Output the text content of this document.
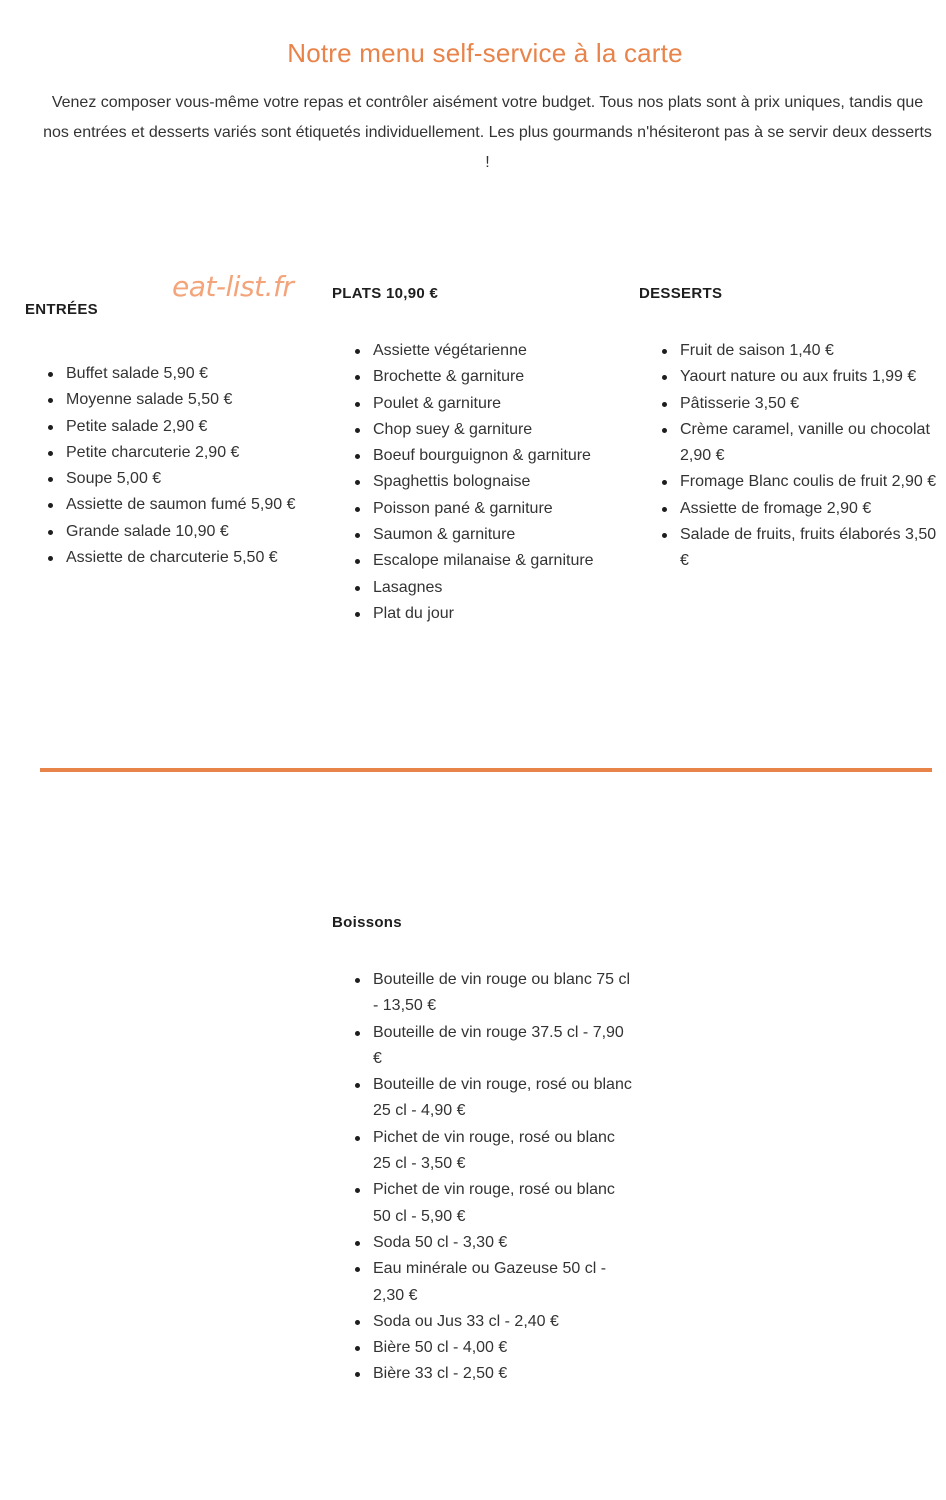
Notre menu self-service à la carte

Venez composer vous-même votre repas et contrôler aisément votre budget. Tous nos plats sont à prix uniques, tandis que nos entrées et desserts variés sont étiquetés individuellement. Les plus gourmands n'hésiteront pas à se servir deux desserts !

eat-list.fr
ENTRÉES
Buffet salade 5,90 €
Moyenne salade 5,50 €
Petite salade 2,90 €
Petite charcuterie 2,90 €
Soupe 5,00 €
Assiette de saumon fumé 5,90 €
Grande salade 10,90 €
Assiette de charcuterie 5,50 €
PLATS 10,90 €
Assiette végétarienne
Brochette & garniture
Poulet & garniture
Chop suey & garniture
Boeuf bourguignon & garniture
Spaghettis bolognaise
Poisson pané & garniture
Saumon & garniture
Escalope milanaise & garniture
Lasagnes
Plat du jour
DESSERTS
Fruit de saison 1,40 €
Yaourt nature ou aux fruits 1,99 €
Pâtisserie 3,50 €
Crème caramel, vanille ou chocolat 2,90 €
Fromage Blanc coulis de fruit 2,90 €
Assiette de fromage 2,90 €
Salade de fruits, fruits élaborés 3,50 €
Boissons
Bouteille de vin rouge ou blanc 75 cl - 13,50 €
Bouteille de vin rouge 37.5 cl - 7,90 €
Bouteille de vin rouge, rosé ou blanc 25 cl - 4,90 €
Pichet de vin rouge, rosé ou blanc 25 cl - 3,50 €
Pichet de vin rouge, rosé ou blanc 50 cl - 5,90 €
Soda 50 cl - 3,30 €
Eau minérale ou Gazeuse 50 cl - 2,30 €
Soda ou Jus 33 cl - 2,40 €
Bière 50 cl - 4,00 €
Bière 33 cl - 2,50 €
